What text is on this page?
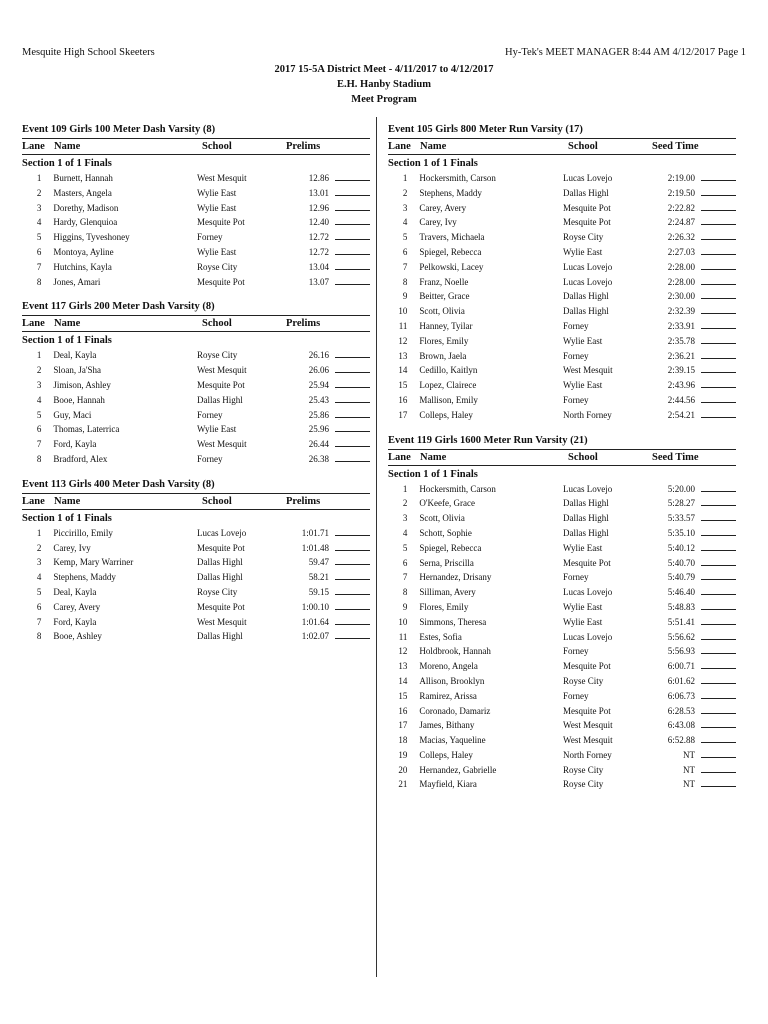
Mesquite High School Skeeters	Hy-Tek's MEET MANAGER 8:44 AM 4/12/2017 Page 1
2017 15-5A District Meet - 4/11/2017 to 4/12/2017
E.H. Hanby Stadium
Meet Program
Event 109 Girls 100 Meter Dash Varsity (8)
Lane Name	School	Prelims
Section 1 of 1 Finals
1	Burnett, Hannah	West Mesquit	12.86
2	Masters, Angela	Wylie East	13.01
3	Dorethy, Madison	Wylie East	12.96
4	Hardy, Glenquioa	Mesquite Pot	12.40
5	Higgins, Tyveshoney	Forney	12.72
6	Montoya, Ayline	Wylie East	12.72
7	Hutchins, Kayla	Royse City	13.04
8	Jones, Amari	Mesquite Pot	13.07
Event 117 Girls 200 Meter Dash Varsity (8)
Lane Name	School	Prelims
Section 1 of 1 Finals
1	Deal, Kayla	Royse City	26.16
2	Sloan, Ja'Sha	West Mesquit	26.06
3	Jimison, Ashley	Mesquite Pot	25.94
4	Booe, Hannah	Dallas Highl	25.43
5	Guy, Maci	Forney	25.86
6	Thomas, Laterrica	Wylie East	25.96
7	Ford, Kayla	West Mesquit	26.44
8	Bradford, Alex	Forney	26.38
Event 113 Girls 400 Meter Dash Varsity (8)
Lane Name	School	Prelims
Section 1 of 1 Finals
1	Piccirillo, Emily	Lucas Lovejo	1:01.71
2	Carey, Ivy	Mesquite Pot	1:01.48
3	Kemp, Mary Warriner	Dallas Highl	59.47
4	Stephens, Maddy	Dallas Highl	58.21
5	Deal, Kayla	Royse City	59.15
6	Carey, Avery	Mesquite Pot	1:00.10
7	Ford, Kayla	West Mesquit	1:01.64
8	Booe, Ashley	Dallas Highl	1:02.07
Event 105 Girls 800 Meter Run Varsity (17)
Lane Name	School	Seed Time
Section 1 of 1 Finals
1	Hockersmith, Carson	Lucas Lovejo	2:19.00
2	Stephens, Maddy	Dallas Highl	2:19.50
3	Carey, Avery	Mesquite Pot	2:22.82
4	Carey, Ivy	Mesquite Pot	2:24.87
5	Travers, Michaela	Royse City	2:26.32
6	Spiegel, Rebecca	Wylie East	2:27.03
7	Pelkowski, Lacey	Lucas Lovejo	2:28.00
8	Franz, Noelle	Lucas Lovejo	2:28.00
9	Beitter, Grace	Dallas Highl	2:30.00
10	Scott, Olivia	Dallas Highl	2:32.39
11	Hanney, Tyilar	Forney	2:33.91
12	Flores, Emily	Wylie East	2:35.78
13	Brown, Jaela	Forney	2:36.21
14	Cedillo, Kaitlyn	West Mesquit	2:39.15
15	Lopez, Clairece	Wylie East	2:43.96
16	Mallison, Emily	Forney	2:44.56
17	Colleps, Haley	North Forney	2:54.21
Event 119 Girls 1600 Meter Run Varsity (21)
Lane Name	School	Seed Time
Section 1 of 1 Finals
1	Hockersmith, Carson	Lucas Lovejo	5:20.00
2	O'Keefe, Grace	Dallas Highl	5:28.27
3	Scott, Olivia	Dallas Highl	5:33.57
4	Schott, Sophie	Dallas Highl	5:35.10
5	Spiegel, Rebecca	Wylie East	5:40.12
6	Serna, Priscilla	Mesquite Pot	5:40.70
7	Hernandez, Drisany	Forney	5:40.79
8	Silliman, Avery	Lucas Lovejo	5:46.40
9	Flores, Emily	Wylie East	5:48.83
10	Simmons, Theresa	Wylie East	5:51.41
11	Estes, Sofia	Lucas Lovejo	5:56.62
12	Holdbrook, Hannah	Forney	5:56.93
13	Moreno, Angela	Mesquite Pot	6:00.71
14	Allison, Brooklyn	Royse City	6:01.62
15	Ramirez, Arissa	Forney	6:06.73
16	Coronado, Damariz	Mesquite Pot	6:28.53
17	James, Bithany	West Mesquit	6:43.08
18	Macias, Yaqueline	West Mesquit	6:52.88
19	Colleps, Haley	North Forney	NT
20	Hernandez, Gabrielle	Royse City	NT
21	Mayfield, Kiara	Royse City	NT
